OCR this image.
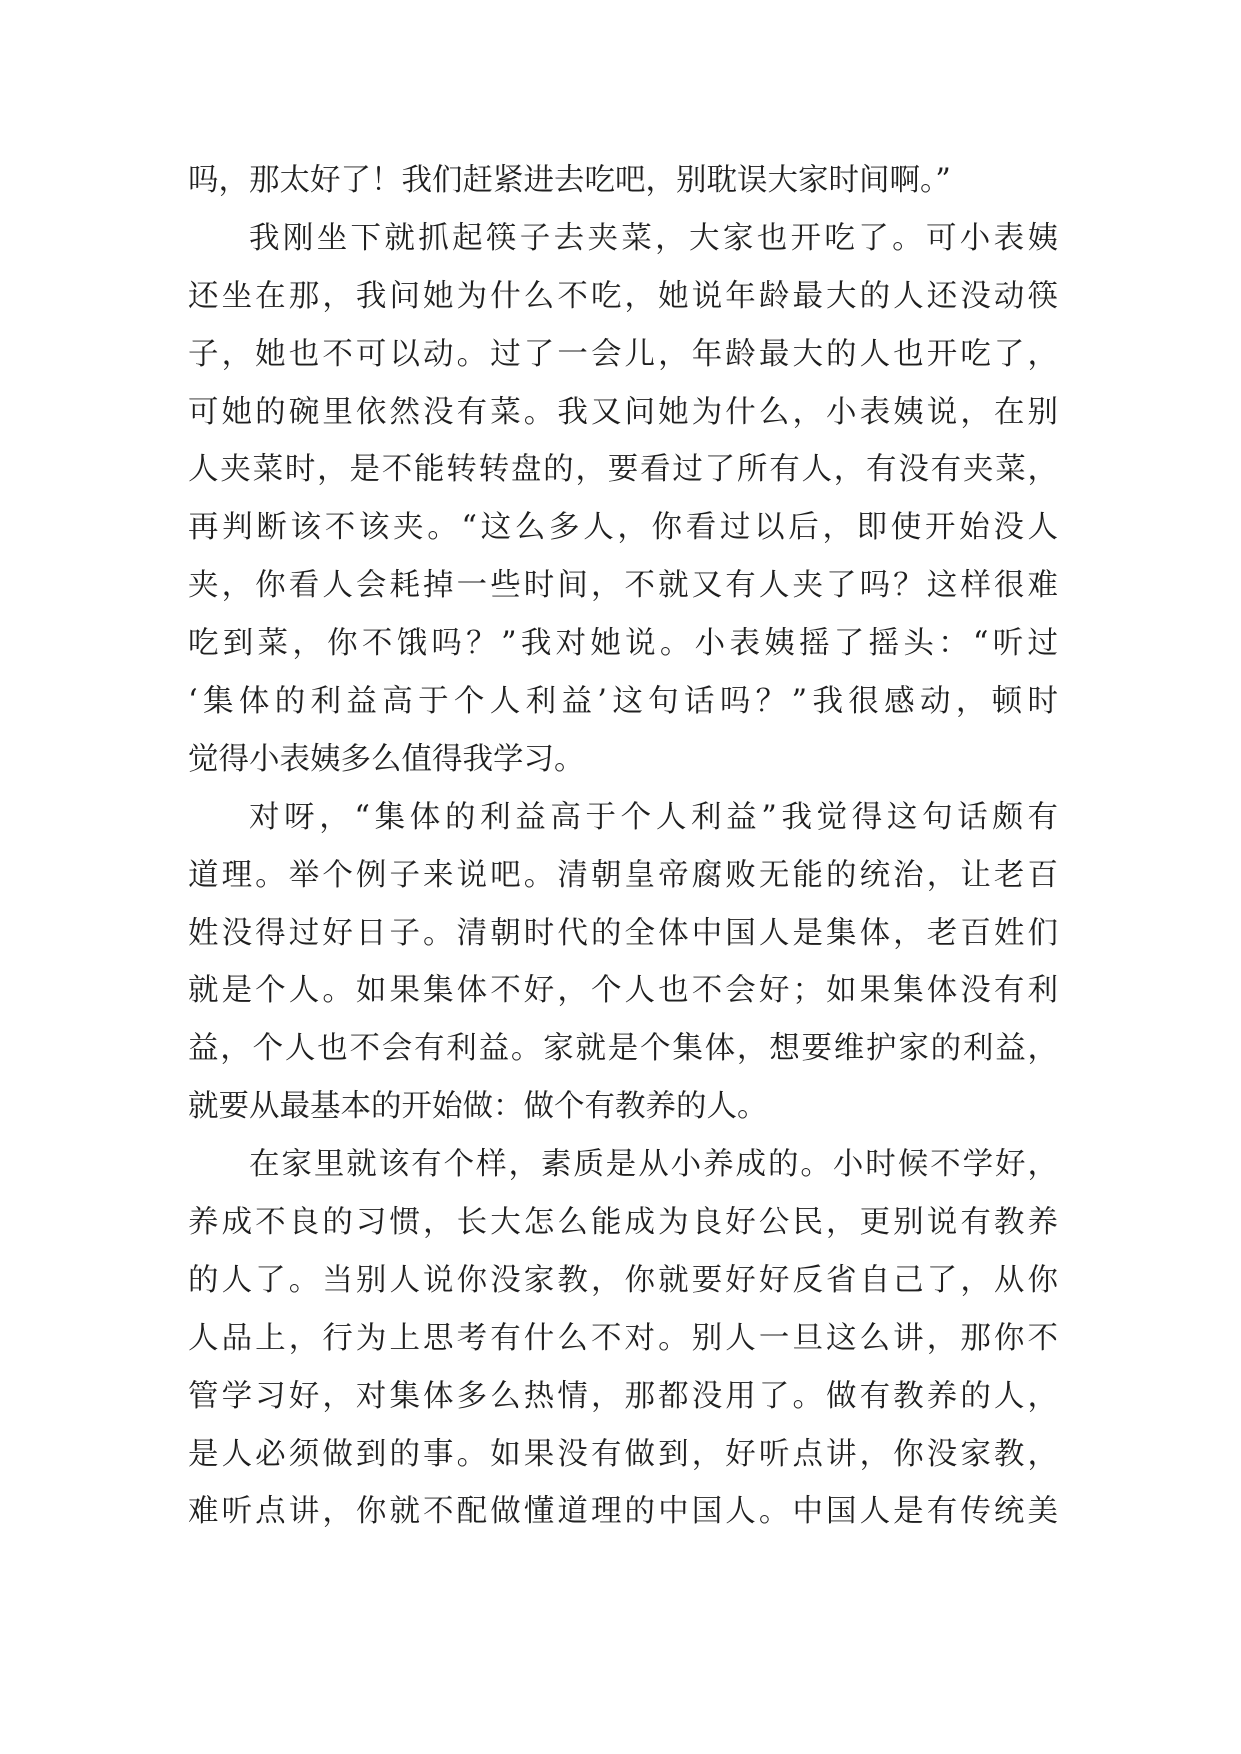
吗，那太好了！我们赶紧进去吃吧，别耽误大家时间啊。”
我刚坐下就抓起筷子去夹菜，大家也开吃了。可小表姨
还坐在那，我问她为什么不吃，她说年龄最大的人还没动筷
子，她也不可以动。过了一会儿，年龄最大的人也开吃了，
可她的碗里依然没有菜。我又问她为什么，小表姨说，在别
人夹菜时，是不能转转盘的，要看过了所有人，有没有夹菜，
再判断该不该夹。“这么多人，你看过以后，即使开始没人
夹，你看人会耗掉一些时间，不就又有人夹了吗？这样很难
吃到菜，你不饿吗？”我对她说。小表姨摇了摇头：“听过
‘集体的利益高于个人利益’这句话吗？”我很感动，顿时
觉得小表姨多么值得我学习。
对呀，“集体的利益高于个人利益”我觉得这句话颇有
道理。举个例子来说吧。清朝皇帝腐败无能的统治，让老百
姓没得过好日子。清朝时代的全体中国人是集体，老百姓们
就是个人。如果集体不好，个人也不会好；如果集体没有利
益，个人也不会有利益。家就是个集体，想要维护家的利益，
就要从最基本的开始做：做个有教养的人。
在家里就该有个样，素质是从小养成的。小时候不学好，
养成不良的习惯，长大怎么能成为良好公民，更别说有教养
的人了。当别人说你没家教，你就要好好反省自己了，从你
人品上，行为上思考有什么不对。别人一旦这么讲，那你不
管学习好，对集体多么热情，那都没用了。做有教养的人，
是人必须做到的事。如果没有做到，好听点讲，你没家教，
难听点讲，你就不配做懂道理的中国人。中国人是有传统美
